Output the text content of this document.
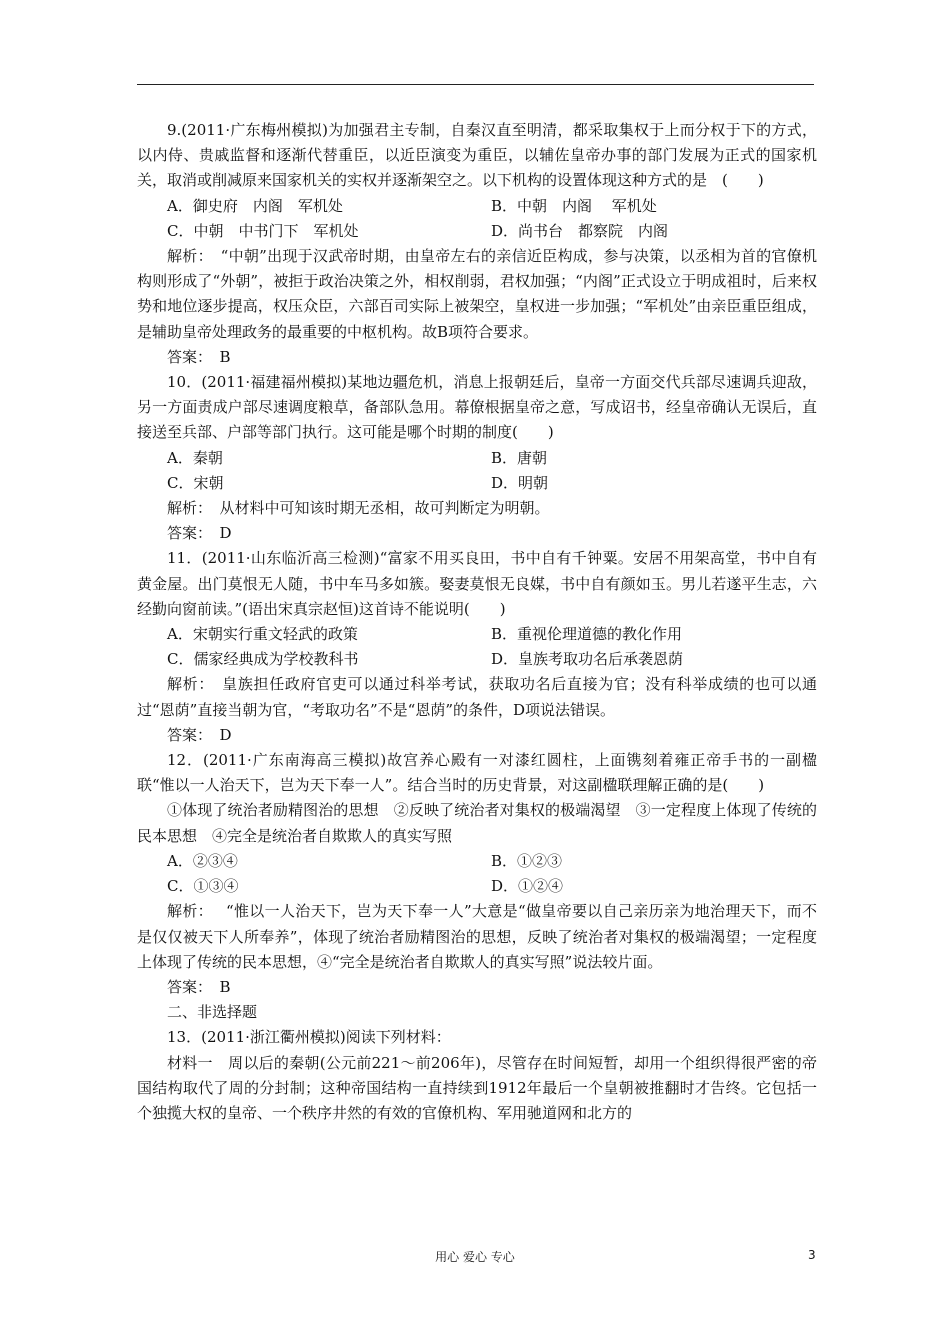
9.(2011·广东梅州模拟)为加强君主专制，自秦汉直至明清，都采取集权于上而分权于下的方式，以内侍、贵戚监督和逐渐代替重臣，以近臣演变为重臣，以辅佐皇帝办事的部门发展为正式的国家机关，取消或削减原来国家机关的实权并逐渐架空之。以下机构的设置体现这种方式的是　(　　)

A．御史府　内阁　军机处	B．中朝　内阁　 军机处
C．中朝　中书门下　军机处	D．尚书台　都察院　内阁

解析：　“中朝”出现于汉武帝时期，由皇帝左右的亲信近臣构成，参与决策，以丞相为首的官僚机构则形成了“外朝”，被拒于政治决策之外，相权削弱，君权加强；“内阁”正式设立于明成祖时，后来权势和地位逐步提高，权压众臣，六部百司实际上被架空，皇权进一步加强；“军机处”由亲臣重臣组成，是辅助皇帝处理政务的最重要的中枢机构。故B项符合要求。

答案：　B

10．(2011·福建福州模拟)某地边疆危机，消息上报朝廷后，皇帝一方面交代兵部尽速调兵迎敌，另一方面责成户部尽速调度粮草，备部队急用。幕僚根据皇帝之意，写成诏书，经皇帝确认无误后，直接送至兵部、户部等部门执行。这可能是哪个时期的制度(　　)

A．秦朝	B．唐朝
C．宋朝	D．明朝

解析：　从材料中可知该时期无丞相，故可判断定为明朝。

答案：　D

11．(2011·山东临沂高三检测)“富家不用买良田，书中自有千钟粟。安居不用架高堂，书中自有黄金屋。出门莫恨无人随，书中车马多如簇。娶妻莫恨无良媒，书中自有颜如玉。男儿若遂平生志，六经勤向窗前读。”(语出宋真宗赵恒)这首诗不能说明(　　)

A．宋朝实行重文轻武的政策	B．重视伦理道德的教化作用
C．儒家经典成为学校教科书	D．皇族考取功名后承袭恩荫

解析：　皇族担任政府官吏可以通过科举考试，获取功名后直接为官；没有科举成绩的也可以通过“恩荫”直接当朝为官，“考取功名”不是“恩荫”的条件，D项说法错误。

答案：　D

12．(2011·广东南海高三模拟)故宫养心殿有一对漆红圆柱，上面镌刻着雍正帝手书的一副楹联“惟以一人治天下，岂为天下奉一人”。结合当时的历史背景，对这副楹联理解正确的是(　　)

①体现了统治者励精图治的思想　②反映了统治者对集权的极端渴望　③一定程度上体现了传统的民本思想　④完全是统治者自欺欺人的真实写照

A．②③④	B．①②③
C．①③④	D．①②④

解析：　 “惟以一人治天下，岂为天下奉一人”大意是“做皇帝要以自己亲历亲为地治理天下，而不是仅仅被天下人所奉养”，体现了统治者励精图治的思想，反映了统治者对集权的极端渴望；一定程度上体现了传统的民本思想，④“完全是统治者自欺欺人的真实写照”说法较片面。

答案：　B

二、非选择题

13．(2011·浙江衢州模拟)阅读下列材料：

材料一　周以后的秦朝(公元前221～前206年)，尽管存在时间短暂，却用一个组织得很严密的帝国结构取代了周的分封制；这种帝国结构一直持续到1912年最后一个皇朝被推翻时才告终。它包括一个独揽大权的皇帝、一个秩序井然的有效的官僚机构、军用驰道网和北方的

用心 爱心 专心	3
